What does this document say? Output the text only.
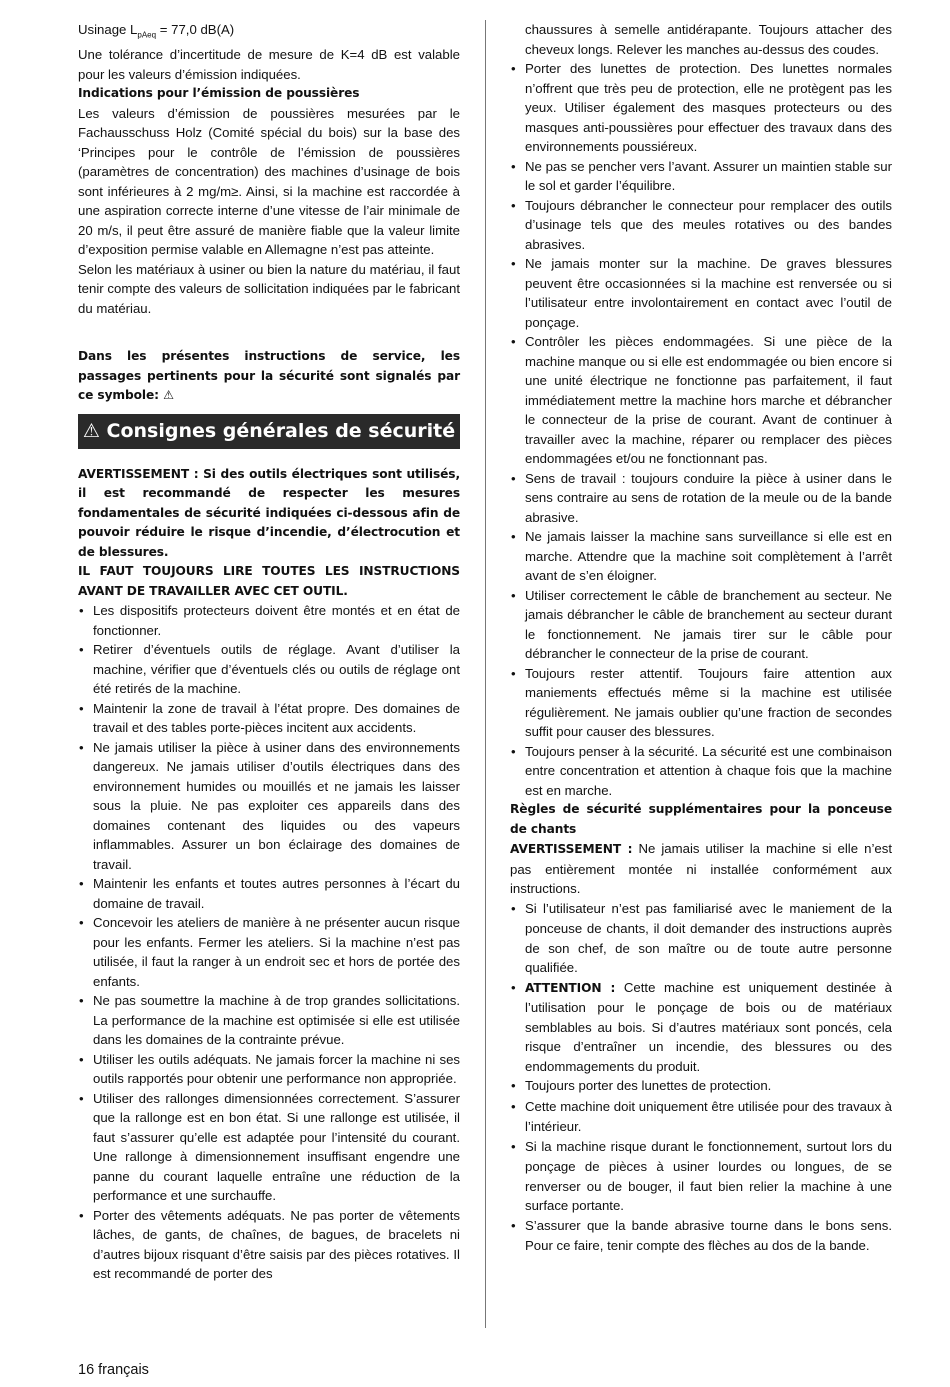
Usinage $L_{pAeq} = 77,0$ dB(A)

Une tolérance d’incertitude de mesure de K=4 dB est valable pour les valeurs d’émission indiquées.

Indications pour l’émission de poussières

Les valeurs d’émission de poussières mesurées par le Fachausschuss Holz (Comité spécial du bois) sur la base des ‘Principes pour le contrôle de l’émission de poussières (paramètres de concentration) des machines d’usinage de bois sont inférieures à 2 mg/m≥. Ainsi, si la machine est raccordée à une aspiration correcte interne d’une vitesse de l’air minimale de 20 m/s, il peut être assuré de manière fiable que la valeur limite d’exposition permise valable en Allemagne n’est pas atteinte.

Selon les matériaux à usiner ou bien la nature du matériau, il faut tenir compte des valeurs de sollicitation indiquées par le fabricant du matériau.

Dans les présentes instructions de service, les passages pertinents pour la sécurité sont signalés par ce symbole: ⚠

⚠ Consignes générales de sécurité

AVERTISSEMENT : Si des outils électriques sont utilisés, il est recommandé de respecter les mesures fondamentales de sécurité indiquées ci-dessous afin de pouvoir réduire le risque d’incendie, d’électrocution et de blessures.

IL FAUT TOUJOURS LIRE TOUTES LES INSTRUCTIONS AVANT DE TRAVAILLER AVEC CET OUTIL.

• Les dispositifs protecteurs doivent être montés et en état de fonctionner.
• Retirer d’éventuels outils de réglage. Avant d’utiliser la machine, vérifier que d’éventuels clés ou outils de réglage ont été retirés de la machine.
• Maintenir la zone de travail à l’état propre. Des domaines de travail et des tables porte-pièces incitent aux accidents.
• Ne jamais utiliser la pièce à usiner dans des environnements dangereux. Ne jamais utiliser d’outils électriques dans des environnement humides ou mouillés et ne jamais les laisser sous la pluie. Ne pas exploiter ces appareils dans des domaines contenant des liquides ou des vapeurs inflammables. Assurer un bon éclairage des domaines de travail.
• Maintenir les enfants et toutes autres personnes à l’écart du domaine de travail.
• Concevoir les ateliers de manière à ne présenter aucun risque pour les enfants. Fermer les ateliers. Si la machine n’est pas utilisée, il faut la ranger à un endroit sec et hors de portée des enfants.
• Ne pas soumettre la machine à de trop grandes sollicitations. La performance de la machine est optimisée si elle est utilisée dans les domaines de la contrainte prévue.
• Utiliser les outils adéquats. Ne jamais forcer la machine ni ses outils rapportés pour obtenir une performance non appropriée.
• Utiliser des rallonges dimensionnées correctement. S’assurer que la rallonge est en bon état. Si une rallonge est utilisée, il faut s’assurer qu’elle est adaptée pour l’intensité du courant. Une rallonge à dimensionnement insuffisant engendre une panne du courant laquelle entraîne une réduction de la performance et une surchauffe.
• Porter des vêtements adéquats. Ne pas porter de vêtements lâches, de gants, de chaînes, de bagues, de bracelets ni d’autres bijoux risquant d’être saisis par des pièces rotatives. Il est recommandé de porter des
chaussures à semelle antidérapante. Toujours attacher des cheveux longs. Relever les manches au-dessus des coudes.
• Porter des lunettes de protection. Des lunettes normales n’offrent que très peu de protection, elle ne protègent pas les yeux. Utiliser également des masques protecteurs ou des masques anti-poussières pour effectuer des travaux dans des environnements poussiéreux.
• Ne pas se pencher vers l’avant. Assurer un maintien stable sur le sol et garder l’équilibre.
• Toujours débrancher le connecteur pour remplacer des outils d’usinage tels que des meules rotatives ou des bandes abrasives.
• Ne jamais monter sur la machine. De graves blessures peuvent être occasionnées si la machine est renversée ou si l’utilisateur entre involontairement en contact avec l’outil de ponçage.
• Contrôler les pièces endommagées. Si une pièce de la machine manque ou si elle est endommagée ou bien encore si une unité électrique ne fonctionne pas parfaitement, il faut immédiatement mettre la machine hors marche et débrancher le connecteur de la prise de courant. Avant de continuer à travailler avec la machine, réparer ou remplacer des pièces endommagées et/ou ne fonctionnant pas.
• Sens de travail : toujours conduire la pièce à usiner dans le sens contraire au sens de rotation de la meule ou de la bande abrasive.
• Ne jamais laisser la machine sans surveillance si elle est en marche. Attendre que la machine soit complètement à l’arrêt avant de s’en éloigner.
• Utiliser correctement le câble de branchement au secteur. Ne jamais débrancher le câble de branchement au secteur durant le fonctionnement. Ne jamais tirer sur le câble pour débrancher le connecteur de la prise de courant.
• Toujours rester attentif. Toujours faire attention aux maniements effectués même si la machine est utilisée régulièrement. Ne jamais oublier qu’une fraction de secondes suffit pour causer des blessures.
• Toujours penser à la sécurité. La sécurité est une combinaison entre concentration et attention à chaque fois que la machine est en marche.

Règles de sécurité supplémentaires pour la ponceuse de chants

AVERTISSEMENT : Ne jamais utiliser la machine si elle n’est pas entièrement montée ni installée conformément aux instructions.

• Si l’utilisateur n’est pas familiarisé avec le maniement de la ponceuse de chants, il doit demander des instructions auprès de son chef, de son maître ou de toute autre personne qualifiée.
• ATTENTION : Cette machine est uniquement destinée à l’utilisation pour le ponçage de bois ou de matériaux semblables au bois. Si d’autres matériaux sont poncés, cela risque d’entraîner un incendie, des blessures ou des endommagements du produit.
• Toujours porter des lunettes de protection.
• Cette machine doit uniquement être utilisée pour des travaux à l’intérieur.
• Si la machine risque durant le fonctionnement, surtout lors du ponçage de pièces à usiner lourdes ou longues, de se renverser ou de bouger, il faut bien relier la machine à une surface portante.
• S’assurer que la bande abrasive tourne dans le bons sens. Pour ce faire, tenir compte des flèches au dos de la bande.
16 français
